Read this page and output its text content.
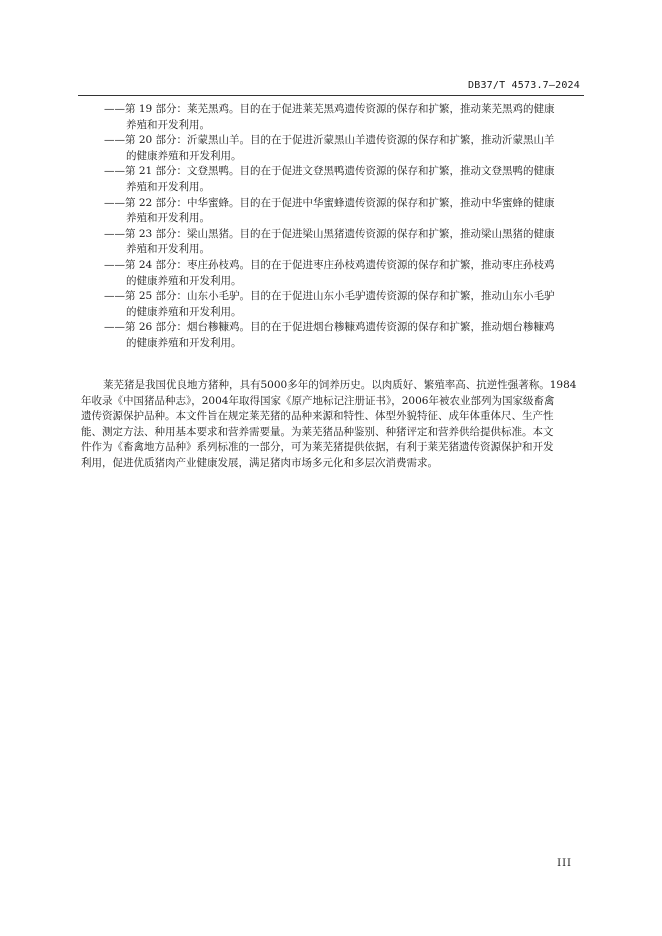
DB37/T 4573.7—2024
——第 19 部分：莱芜黑鸡。目的在于促进莱芜黑鸡遗传资源的保存和扩繁，推动莱芜黑鸡的健康
养殖和开发利用。
——第 20 部分：沂蒙黑山羊。目的在于促进沂蒙黑山羊遗传资源的保存和扩繁，推动沂蒙黑山羊
的健康养殖和开发利用。
——第 21 部分：文登黑鸭。目的在于促进文登黑鸭遗传资源的保存和扩繁，推动文登黑鸭的健康
养殖和开发利用。
——第 22 部分：中华蜜蜂。目的在于促进中华蜜蜂遗传资源的保存和扩繁，推动中华蜜蜂的健康
养殖和开发利用。
——第 23 部分：梁山黑猪。目的在于促进梁山黑猪遗传资源的保存和扩繁，推动梁山黑猪的健康
养殖和开发利用。
——第 24 部分：枣庄孙枝鸡。目的在于促进枣庄孙枝鸡遗传资源的保存和扩繁，推动枣庄孙枝鸡
的健康养殖和开发利用。
——第 25 部分：山东小毛驴。目的在于促进山东小毛驴遗传资源的保存和扩繁，推动山东小毛驴
的健康养殖和开发利用。
——第 26 部分：烟台糁糠鸡。目的在于促进烟台糁糠鸡遗传资源的保存和扩繁，推动烟台糁糠鸡
的健康养殖和开发利用。

莱芜猪是我国优良地方猪种，具有5000多年的饲养历史。以肉质好、繁殖率高、抗逆性强著称。1984

年收录《中国猪品种志》，2004年取得国家《原产地标记注册证书》，2006年被农业部列为国家级畜禽

遗传资源保护品种。本文件旨在规定莱芜猪的品种来源和特性、体型外貌特征、成年体重体尺、生产性

能、测定方法、种用基本要求和营养需要量。为莱芜猪品种鉴别、种猪评定和营养供给提供标准。本文

件作为《畜禽地方品种》系列标准的一部分，可为莱芜猪提供依据，有利于莱芜猪遗传资源保护和开发

利用，促进优质猪肉产业健康发展，满足猪肉市场多元化和多层次消费需求。

III
